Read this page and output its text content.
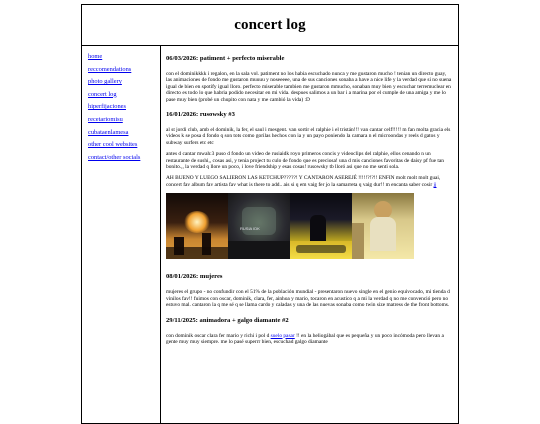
concert log
home
reccomendations
photo gallery
concert log
hiperfijaciones
recetariomisu
cubataenlamesa
other cool websites
contact/other socials
06/03/2026: patiment + perfecto miserable

con el dominikkkk i regalon, en la sala vol. patiment no los habia escuchado nunca y me gustaron mucho ! tenian un directo guay, las animaciones de fondo me gustaron muuuu y noseeeee, una de sus canciones sonaba a have a nice life y la verdad que si no suena igual de bien en spotify igual lloro. perfecto miserable tambien me gustaron mmucho, sonaban muy bien y escuchar terremuclear en directo es todo lo que habria podido necesitar en mi vida. despues salimos a un bar i a marina por el cumple de una amiga y me lo pase muy bien (probé un chupito con nata y me cambió la vida) :D

16/01/2026: rusowsky #3

al st jordi club, amb el dominik, la fer, el saul i mesgent. van sortir el ralphie i el tristán!!! van cantar celf!!!!! m fan molta gracia els videos k se posa d fondo q son tots como gorilas hechos con ia y un payo poniendo la camara n el microondas y reels d gatos y subway surfers etc etc

antes d cantar mwah:3 puso d fondo un video de rusiaidk royo primeros concis y videoclips del ralphie, ellos cenando n un restaurante de sushi,, cosas asi, y tenia project tu culo de fondo que es preciosa! una d mis canciones favoritas de daisy pf fue tan bonito.,, la verdad q llore un poco, i love friendship y esas cosas! rusowsky tb lloró asi que no me senti sola.

AH BUENO Y LUEGO SALIERON LAS KETCHUP?????! Y CANTARON ASEREJÉ !!!!!?!?!! ENFIN molt molt molt guai, concert fav album fav artista fav what is there to add.. ais si q em vaig fer jo la samarreta q vaig dur!! m encanta saber cosir jj

RUSIA IDK
08/01/2026: mujeres

mujeres el grupo - no confundir con el 51% de la población mundial - presentaron nuevo single en el genio equivocado, mi tienda d vinilos fav!! fuimos con oscar, dominik, clara, fer, ainhoa y mario, tocaron en acustico q a mi la verdad q no me convenció pero no estuvo mal. cantaron la q me sé q se llama cardo y caladas y una de las nuevas sonaba como twin size matress de the front bottoms.

29/11/2025: animadora + galgo diamante #2

con dominik oscar clara fer mario y richi i pol d suelo pasar !! en la heliogábal que es pequeña y un poco incómoda pero llevan a gente muy muy siempre. me lo pasé superrr bien, escuchad galgo diamante
